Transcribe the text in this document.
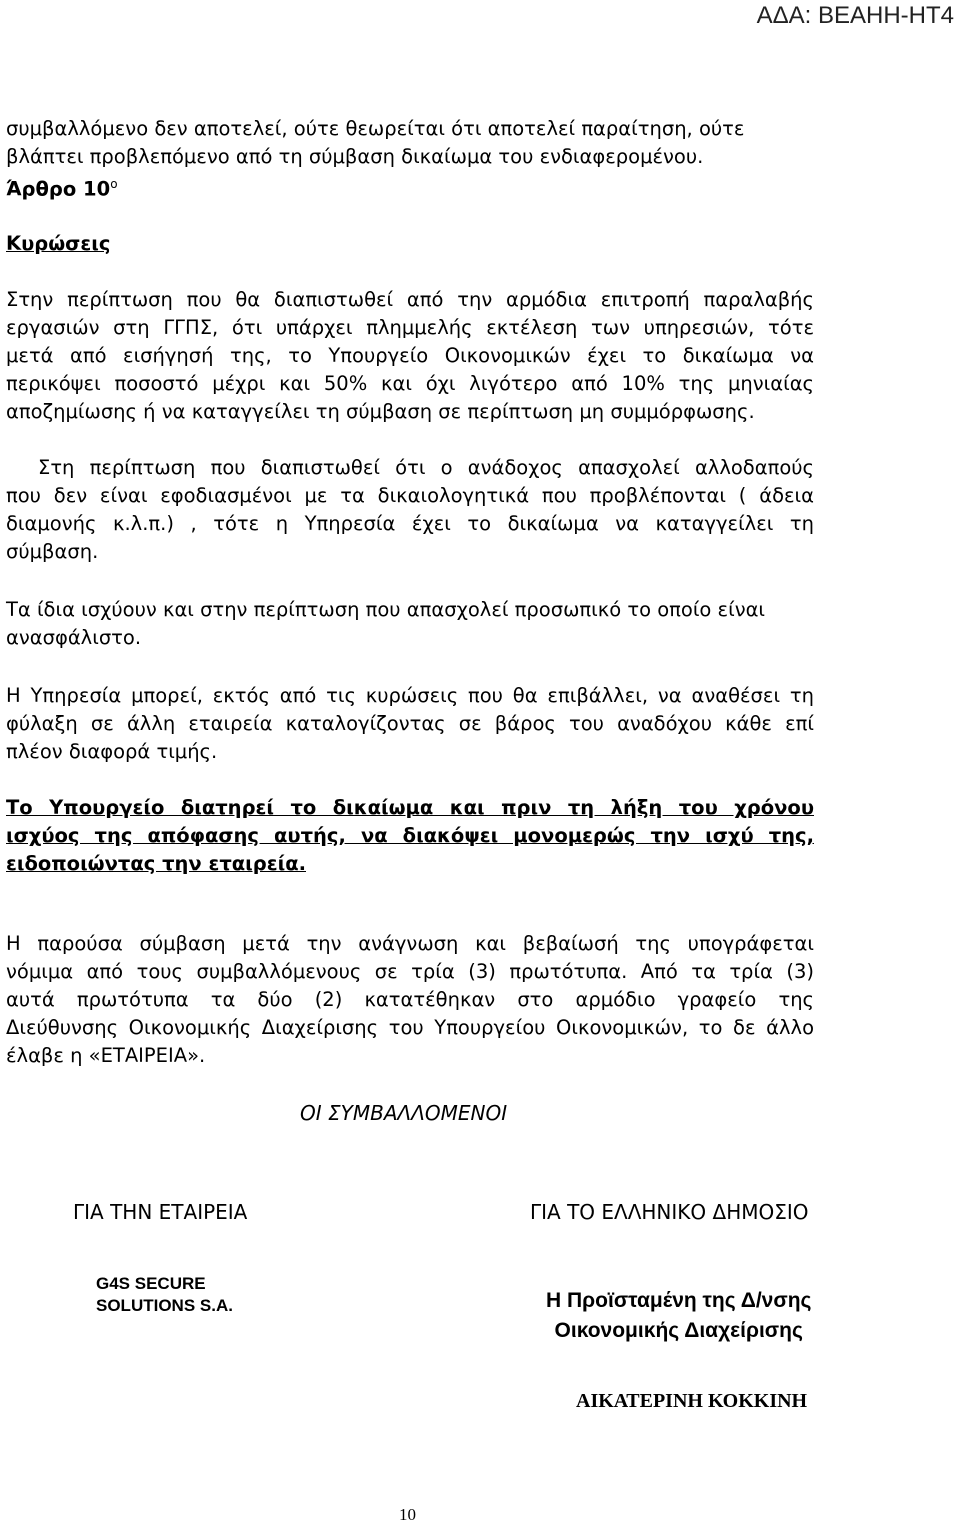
ΑΔΑ: ΒΕΑΗΗ-ΗΤ4
συμβαλλόμενο δεν αποτελεί, ούτε θεωρείται ότι αποτελεί παραίτηση, ούτε
βλάπτει προβλεπόμενο από τη σύμβαση δικαίωμα του ενδιαφερομένου.
Άρθρο $10^o$
Κυρώσεις
Στην περίπτωση που θα διαπιστωθεί από την αρμόδια επιτροπή παραλαβής
εργασιών στη ΓΓΠΣ, ότι υπάρχει πλημμελής εκτέλεση των υπηρεσιών, τότε
μετά από εισήγησή της, το Υπουργείο Οικονομικών έχει το δικαίωμα να
περικόψει ποσοστό μέχρι και 50% και όχι λιγότερο από 10% της μηνιαίας
αποζημίωσης ή να καταγγείλει τη σύμβαση σε περίπτωση μη συμμόρφωσης.
Στη περίπτωση που διαπιστωθεί ότι ο ανάδοχος απασχολεί αλλοδαπούς
που δεν είναι εφοδιασμένοι με τα δικαιολογητικά που προβλέπονται ( άδεια
διαμονής κ.λ.π.) , τότε η Υπηρεσία έχει το δικαίωμα να καταγγείλει τη
σύμβαση.
Τα ίδια ισχύουν και στην περίπτωση που απασχολεί προσωπικό το οποίο είναι
ανασφάλιστο.
Η Υπηρεσία μπορεί, εκτός από τις κυρώσεις που θα επιβάλλει, να αναθέσει τη
φύλαξη σε άλλη εταιρεία καταλογίζοντας σε βάρος του αναδόχου κάθε επί
πλέον διαφορά τιμής.
Το Υπουργείο διατηρεί το δικαίωμα και πριν τη λήξη του χρόνου
ισχύος της απόφασης αυτής, να διακόψει μονομερώς την ισχύ της,
ειδοποιώντας την εταιρεία.
Η παρούσα σύμβαση μετά την ανάγνωση και βεβαίωσή της υπογράφεται
νόμιμα από τους συμβαλλόμενους σε τρία (3) πρωτότυπα. Από τα τρία (3)
αυτά πρωτότυπα τα δύο (2) κατατέθηκαν στο αρμόδιο γραφείο της
Διεύθυνσης Οικονομικής Διαχείρισης του Υπουργείου Οικονομικών, το δε άλλο
έλαβε η «ΕΤΑΙΡΕΙΑ».
ΟΙ ΣΥΜΒΑΛΛΟΜΕΝΟΙ
ΓΙΑ ΤΗΝ ΕΤΑΙΡΕΙΑ	ΓΙΑ ΤΟ ΕΛΛΗΝΙΚΟ ΔΗΜΟΣΙΟ
G4S SECURE
SOLUTIONS S.A.	Η Προϊσταμένη της Δ/νσης
Οικονομικής Διαχείρισης
ΑΙΚΑΤΕΡΙΝΗ ΚΟΚΚΙΝΗ
10
